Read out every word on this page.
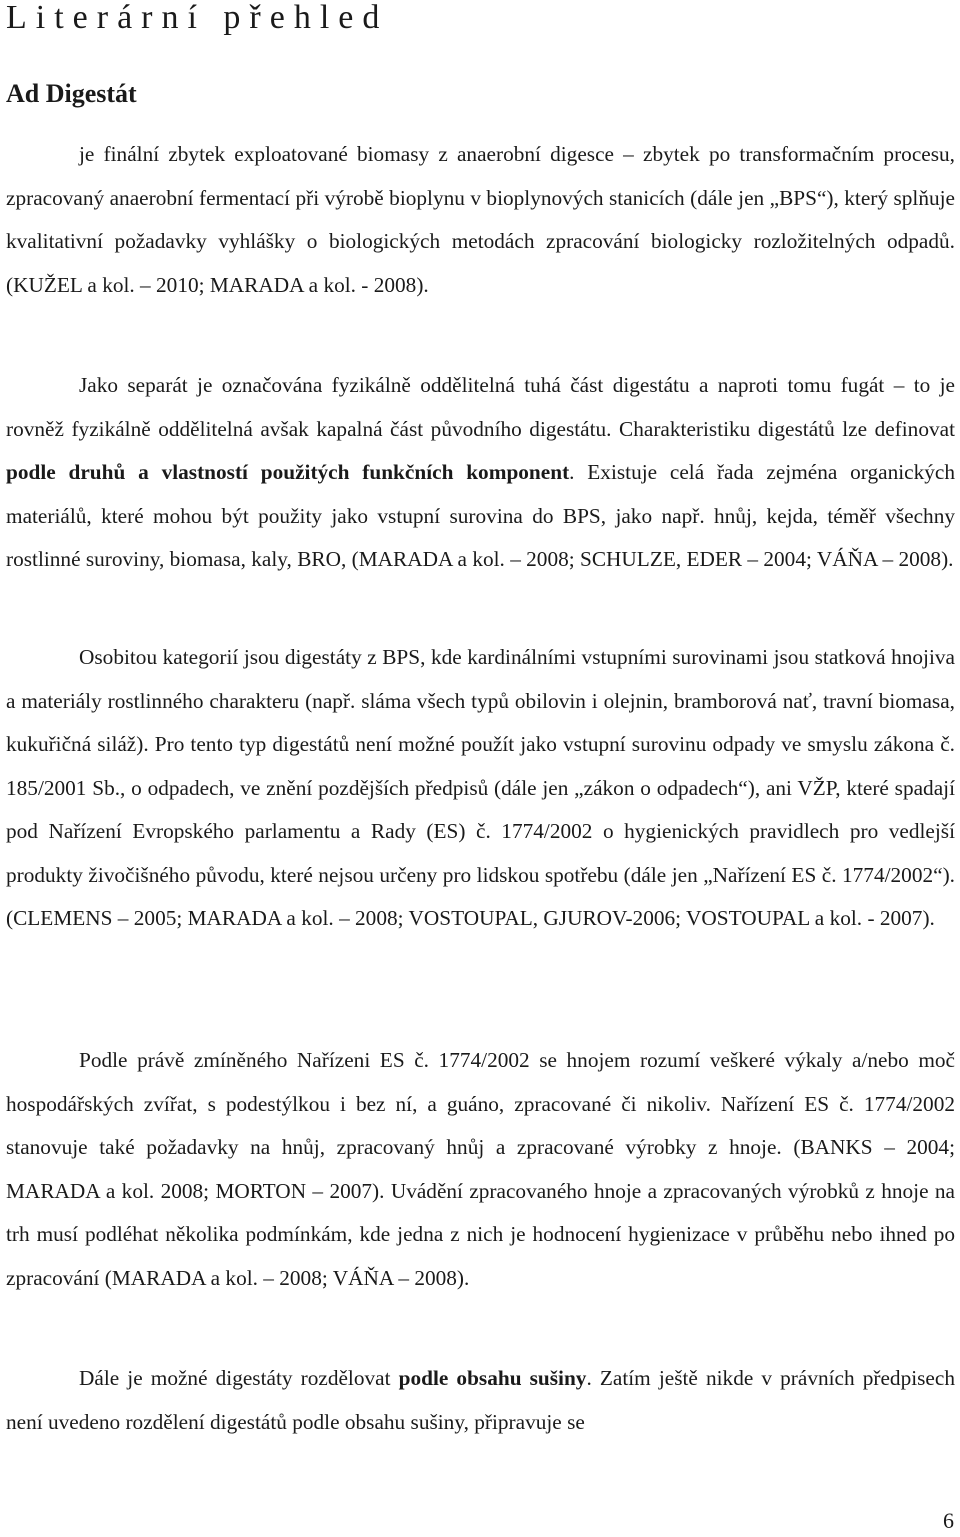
Literární přehled
Ad Digestát

je finální zbytek exploatované biomasy z anaerobní digesce – zbytek po transformačním procesu, zpracovaný anaerobní fermentací při výrobě bioplynu v bioplynových stanicích (dále jen „BPS“), který splňuje kvalitativní požadavky vyhlášky o biologických metodách zpracování biologicky rozložitelných odpadů. (KUŽEL a kol. – 2010; MARADA a kol. - 2008).

Jako separát je označována fyzikálně oddělitelná tuhá část digestátu a naproti tomu fugát – to je rovněž fyzikálně oddělitelná avšak kapalná část původního digestátu. Charakteristiku digestátů lze definovat podle druhů a vlastností použitých funkčních komponent. Existuje celá řada zejména organických materiálů, které mohou být použity jako vstupní surovina do BPS, jako např. hnůj, kejda, téměř všechny rostlinné suroviny, biomasa, kaly, BRO, (MARADA a kol. – 2008; SCHULZE, EDER – 2004; VÁŇA – 2008).

Osobitou kategorií jsou digestáty z BPS, kde kardinálními vstupními surovinami jsou statková hnojiva a materiály rostlinného charakteru (např. sláma všech typů obilovin i olejnin, bramborová nať, travní biomasa, kukuřičná siláž). Pro tento typ digestátů není možné použít jako vstupní surovinu odpady ve smyslu zákona č. 185/2001 Sb., o odpadech, ve znění pozdějších předpisů (dále jen „zákon o odpadech“), ani VŽP, které spadají pod Nařízení Evropského parlamentu a Rady (ES) č. 1774/2002 o hygienických pravidlech pro vedlejší produkty živočišného původu, které nejsou určeny pro lidskou spotřebu (dále jen „Nařízení ES č. 1774/2002“). (CLEMENS – 2005; MARADA a kol. – 2008; VOSTOUPAL, GJUROV-2006; VOSTOUPAL a kol. - 2007).

Podle právě zmíněného Nařízeni ES č. 1774/2002 se hnojem rozumí veškeré výkaly a/nebo moč hospodářských zvířat, s podestýlkou i bez ní, a guáno, zpracované či nikoliv. Nařízení ES č. 1774/2002 stanovuje také požadavky na hnůj, zpracovaný hnůj a zpracované výrobky z hnoje. (BANKS – 2004; MARADA a kol. 2008; MORTON – 2007). Uvádění zpracovaného hnoje a zpracovaných výrobků z hnoje na trh musí podléhat několika podmínkám, kde jedna z nich je hodnocení hygienizace v průběhu nebo ihned po zpracování (MARADA a kol. – 2008; VÁŇA – 2008).

Dále je možné digestáty rozdělovat podle obsahu sušiny. Zatím ještě nikde v právních předpisech není uvedeno rozdělení digestátů podle obsahu sušiny, připravuje se

6
